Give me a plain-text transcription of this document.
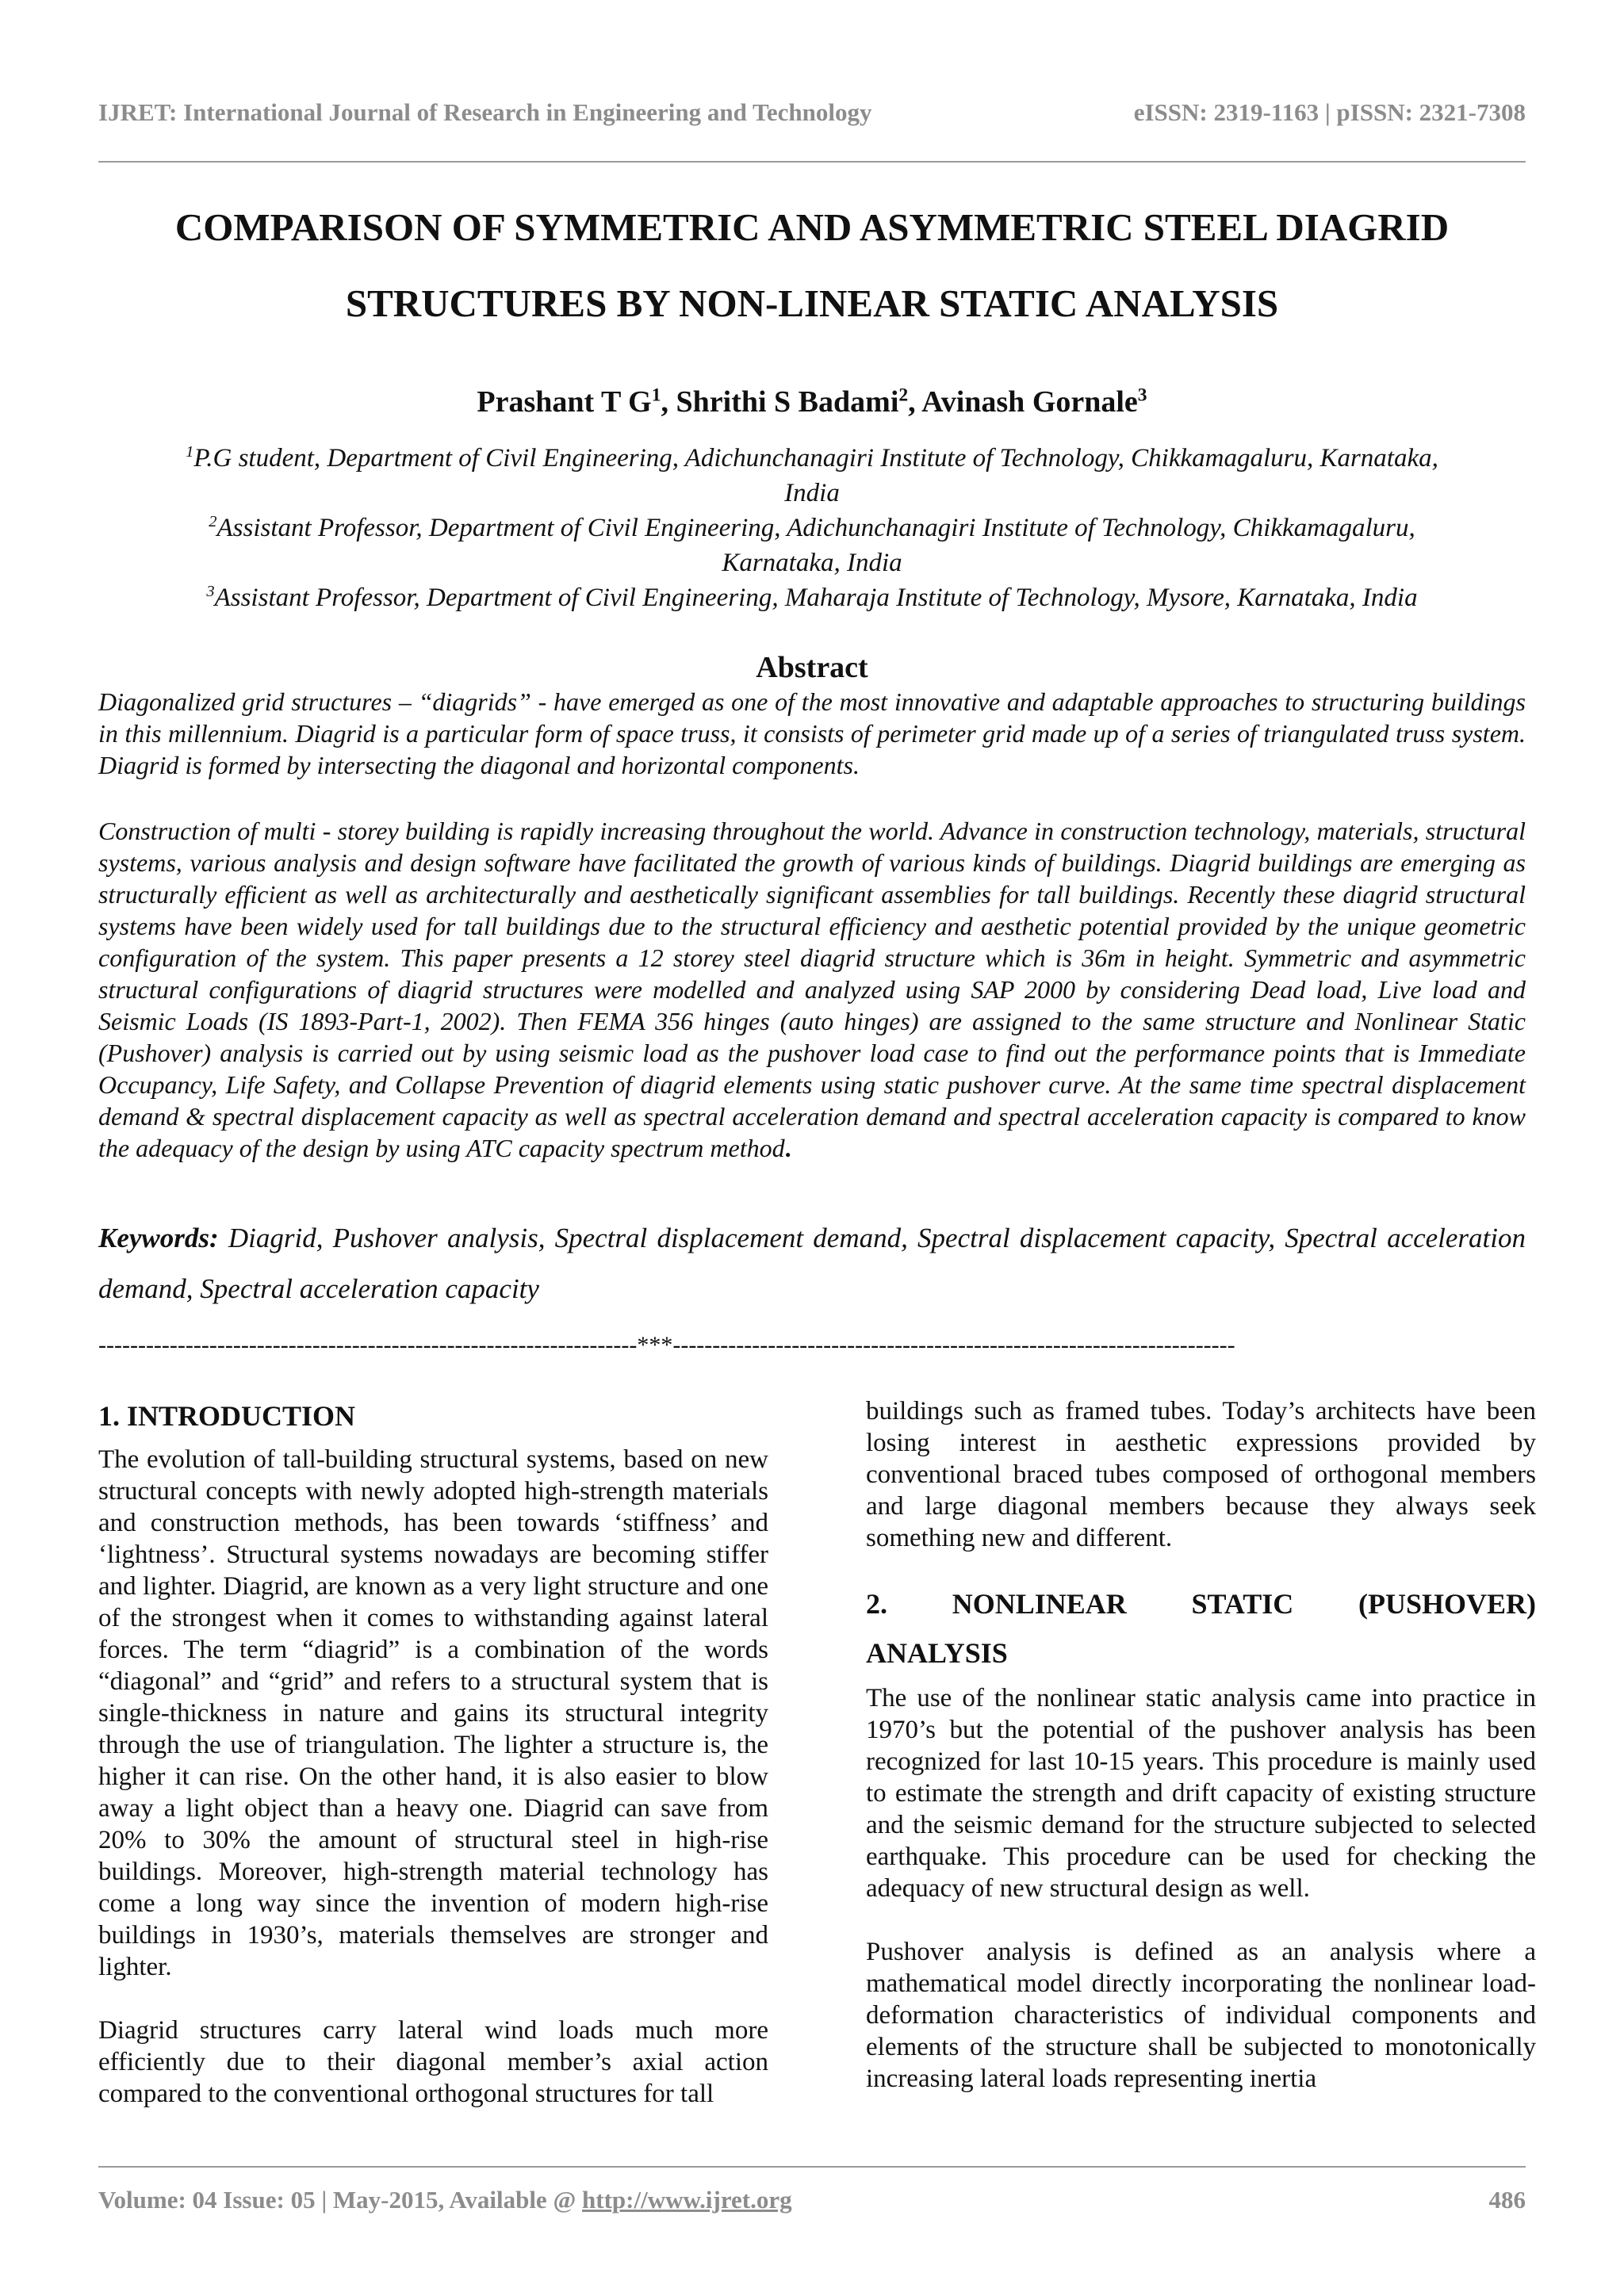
IJRET: International Journal of Research in Engineering and Technology	eISSN: 2319-1163 | pISSN: 2321-7308
COMPARISON OF SYMMETRIC AND ASYMMETRIC STEEL DIAGRID
STRUCTURES BY NON-LINEAR STATIC ANALYSIS
Prashant T $G^1$, Shrithi S Badami$^2$, Avinash Gornale$^3$
$^1$P.G student, Department of Civil Engineering, Adichunchanagiri Institute of Technology, Chikkamagaluru, Karnataka,
India
$^2$Assistant Professor, Department of Civil Engineering, Adichunchanagiri Institute of Technology, Chikkamagaluru,
Karnataka, India
$^3$Assistant Professor, Department of Civil Engineering, Maharaja Institute of Technology, Mysore, Karnataka, India
Abstract

Diagonalized grid structures – “diagrids” - have emerged as one of the most innovative and adaptable approaches to structuring buildings in this millennium. Diagrid is a particular form of space truss, it consists of perimeter grid made up of a series of triangulated truss system. Diagrid is formed by intersecting the diagonal and horizontal components.

Construction of multi - storey building is rapidly increasing throughout the world. Advance in construction technology, materials, structural systems, various analysis and design software have facilitated the growth of various kinds of buildings. Diagrid buildings are emerging as structurally efficient as well as architecturally and aesthetically significant assemblies for tall buildings. Recently these diagrid structural systems have been widely used for tall buildings due to the structural efficiency and aesthetic potential provided by the unique geometric configuration of the system. This paper presents a 12 storey steel diagrid structure which is 36m in height. Symmetric and asymmetric structural configurations of diagrid structures were modelled and analyzed using SAP 2000 by considering Dead load, Live load and Seismic Loads (IS 1893-Part-1, 2002). Then FEMA 356 hinges (auto hinges) are assigned to the same structure and Nonlinear Static (Pushover) analysis is carried out by using seismic load as the pushover load case to find out the performance points that is Immediate Occupancy, Life Safety, and Collapse Prevention of diagrid elements using static pushover curve. At the same time spectral displacement demand & spectral displacement capacity as well as spectral acceleration demand and spectral acceleration capacity is compared to know the adequacy of the design by using ATC capacity spectrum method.

Keywords: Diagrid, Pushover analysis, Spectral displacement demand, Spectral displacement capacity, Spectral acceleration demand, Spectral acceleration capacity

--------------------------------------------------------------------***-----------------------------------------------------------------------

1. INTRODUCTION

The evolution of tall-building structural systems, based on new structural concepts with newly adopted high-strength materials and construction methods, has been towards ‘stiffness’ and ‘lightness’. Structural systems nowadays are becoming stiffer and lighter. Diagrid, are known as a very light structure and one of the strongest when it comes to withstanding against lateral forces. The term “diagrid” is a combination of the words “diagonal” and “grid” and refers to a structural system that is single-thickness in nature and gains its structural integrity through the use of triangulation. The lighter a structure is, the higher it can rise. On the other hand, it is also easier to blow away a light object than a heavy one. Diagrid can save from 20% to 30% the amount of structural steel in high-rise buildings. Moreover, high-strength material technology has come a long way since the invention of modern high-rise buildings in 1930’s, materials themselves are stronger and lighter.

Diagrid structures carry lateral wind loads much more efficiently due to their diagonal member’s axial action compared to the conventional orthogonal structures for tall

buildings such as framed tubes. Today’s architects have been losing interest in aesthetic expressions provided by conventional braced tubes composed of orthogonal members and large diagonal members because they always seek something new and different.

2. NONLINEAR STATIC (PUSHOVER)

ANALYSIS

The use of the nonlinear static analysis came into practice in 1970’s but the potential of the pushover analysis has been recognized for last 10-15 years. This procedure is mainly used to estimate the strength and drift capacity of existing structure and the seismic demand for the structure subjected to selected earthquake. This procedure can be used for checking the adequacy of new structural design as well.

Pushover analysis is defined as an analysis where a mathematical model directly incorporating the nonlinear load-deformation characteristics of individual components and elements of the structure shall be subjected to monotonically increasing lateral loads representing inertia

Volume: 04 Issue: 05 | May-2015, Available @ http://www.ijret.org	486
